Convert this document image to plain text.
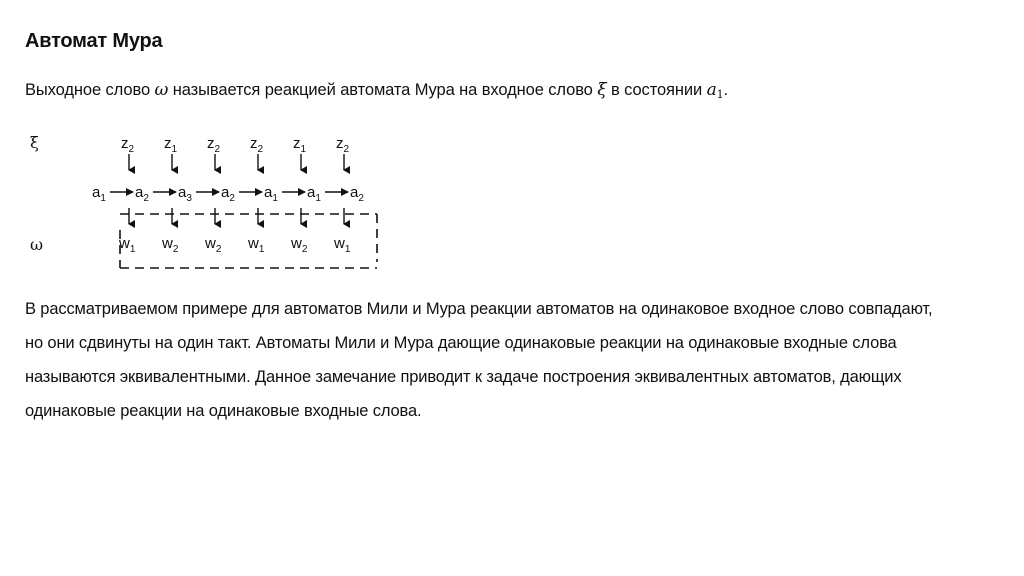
Автомат Мура
Выходное слово ω называется реакцией автомата Мура на входное слово ξ в состоянии $a_1$.
ξ
ω
$z_2$ $z_1$ $z_2$ $z_2$ $z_1$ $z_2$
$a_1$ $a_2$ $a_3$ $a_2$ $a_1$ $a_1$ $a_2$
$w_1$ $w_2$ $w_2$ $w_1$ $w_2$ $w_1$
В рассматриваемом примере для автоматов Мили и Мура реакции автоматов на одинаковое входное слово совпадают,
но они сдвинуты на один такт. Автоматы Мили и Мура дающие одинаковые реакции на одинаковые входные слова
называются эквивалентными. Данное замечание приводит к задаче построения эквивалентных автоматов, дающих
одинаковые реакции на одинаковые входные слова.
